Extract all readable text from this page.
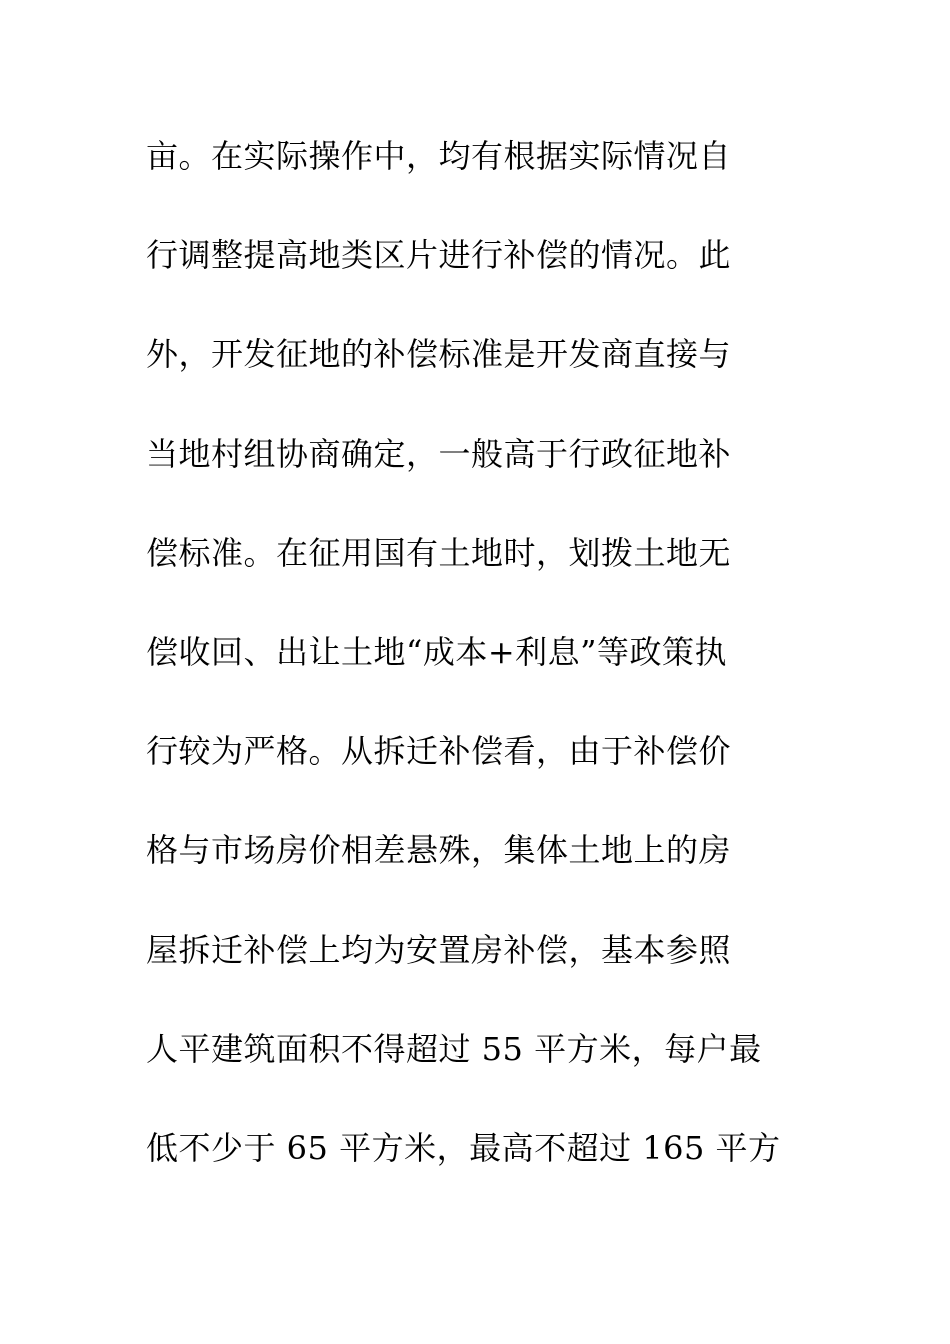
亩。在实际操作中，均有根据实际情况自
行调整提高地类区片进行补偿的情况。此
外，开发征地的补偿标准是开发商直接与
当地村组协商确定，一般高于行政征地补
偿标准。在征用国有土地时，划拨土地无
偿收回、出让土地“成本+利息”等政策执
行较为严格。从拆迁补偿看，由于补偿价
格与市场房价相差悬殊，集体土地上的房
屋拆迁补偿上均为安置房补偿，基本参照
人平建筑面积不得超过 55 平方米，每户最
低不少于 65 平方米，最高不超过 165 平方
